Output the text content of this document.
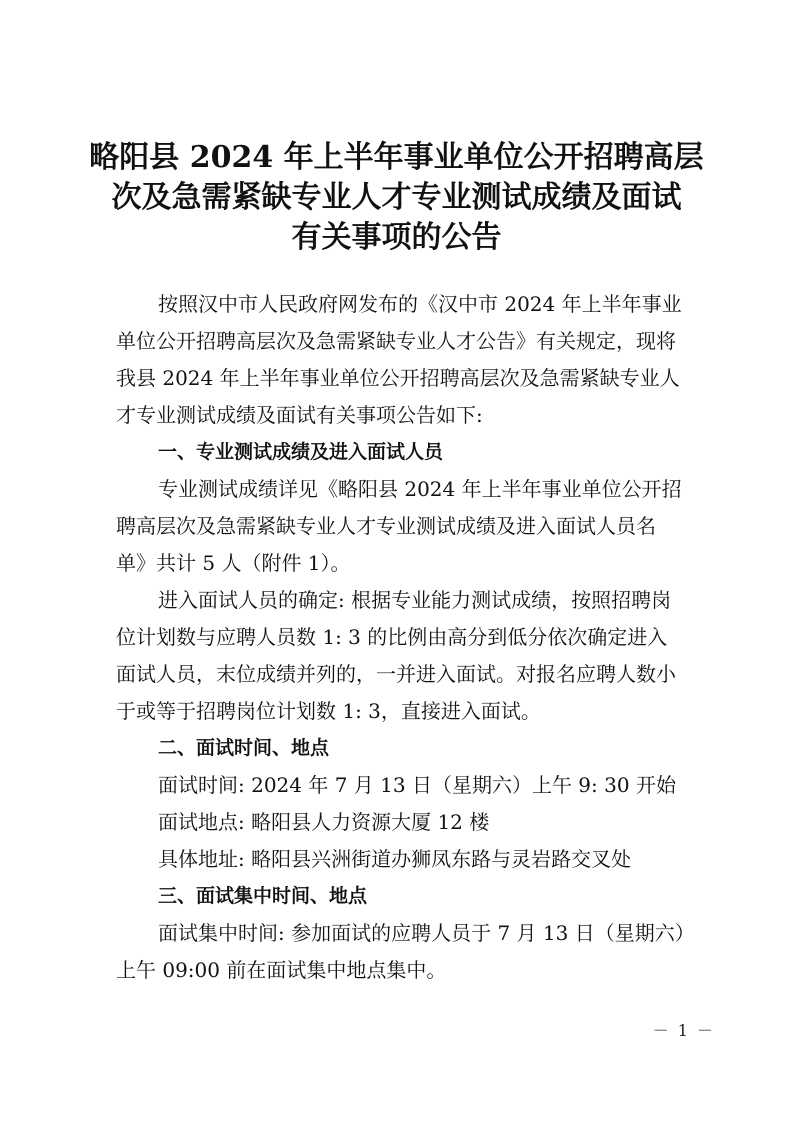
略阳县 2024 年上半年事业单位公开招聘高层
次及急需紧缺专业人才专业测试成绩及面试
有关事项的公告
按照汉中市人民政府网发布的《汉中市 2024 年上半年事业
单位公开招聘高层次及急需紧缺专业人才公告》有关规定，现将
我县 2024 年上半年事业单位公开招聘高层次及急需紧缺专业人
才专业测试成绩及面试有关事项公告如下:
一、专业测试成绩及进入面试人员
专业测试成绩详见《略阳县 2024 年上半年事业单位公开招
聘高层次及急需紧缺专业人才专业测试成绩及进入面试人员名
单》共计 5 人（附件 1）。
进入面试人员的确定: 根据专业能力测试成绩，按照招聘岗
位计划数与应聘人员数 1: 3 的比例由高分到低分依次确定进入
面试人员，末位成绩并列的，一并进入面试。对报名应聘人数小
于或等于招聘岗位计划数 1: 3，直接进入面试。
二、面试时间、地点
面试时间: 2024 年 7 月 13 日（星期六）上午 9: 30 开始
面试地点: 略阳县人力资源大厦 12 楼
具体地址: 略阳县兴洲街道办狮凤东路与灵岩路交叉处
三、面试集中时间、地点
面试集中时间: 参加面试的应聘人员于 7 月 13 日（星期六）
上午 09:00 前在面试集中地点集中。
－ 1 －
